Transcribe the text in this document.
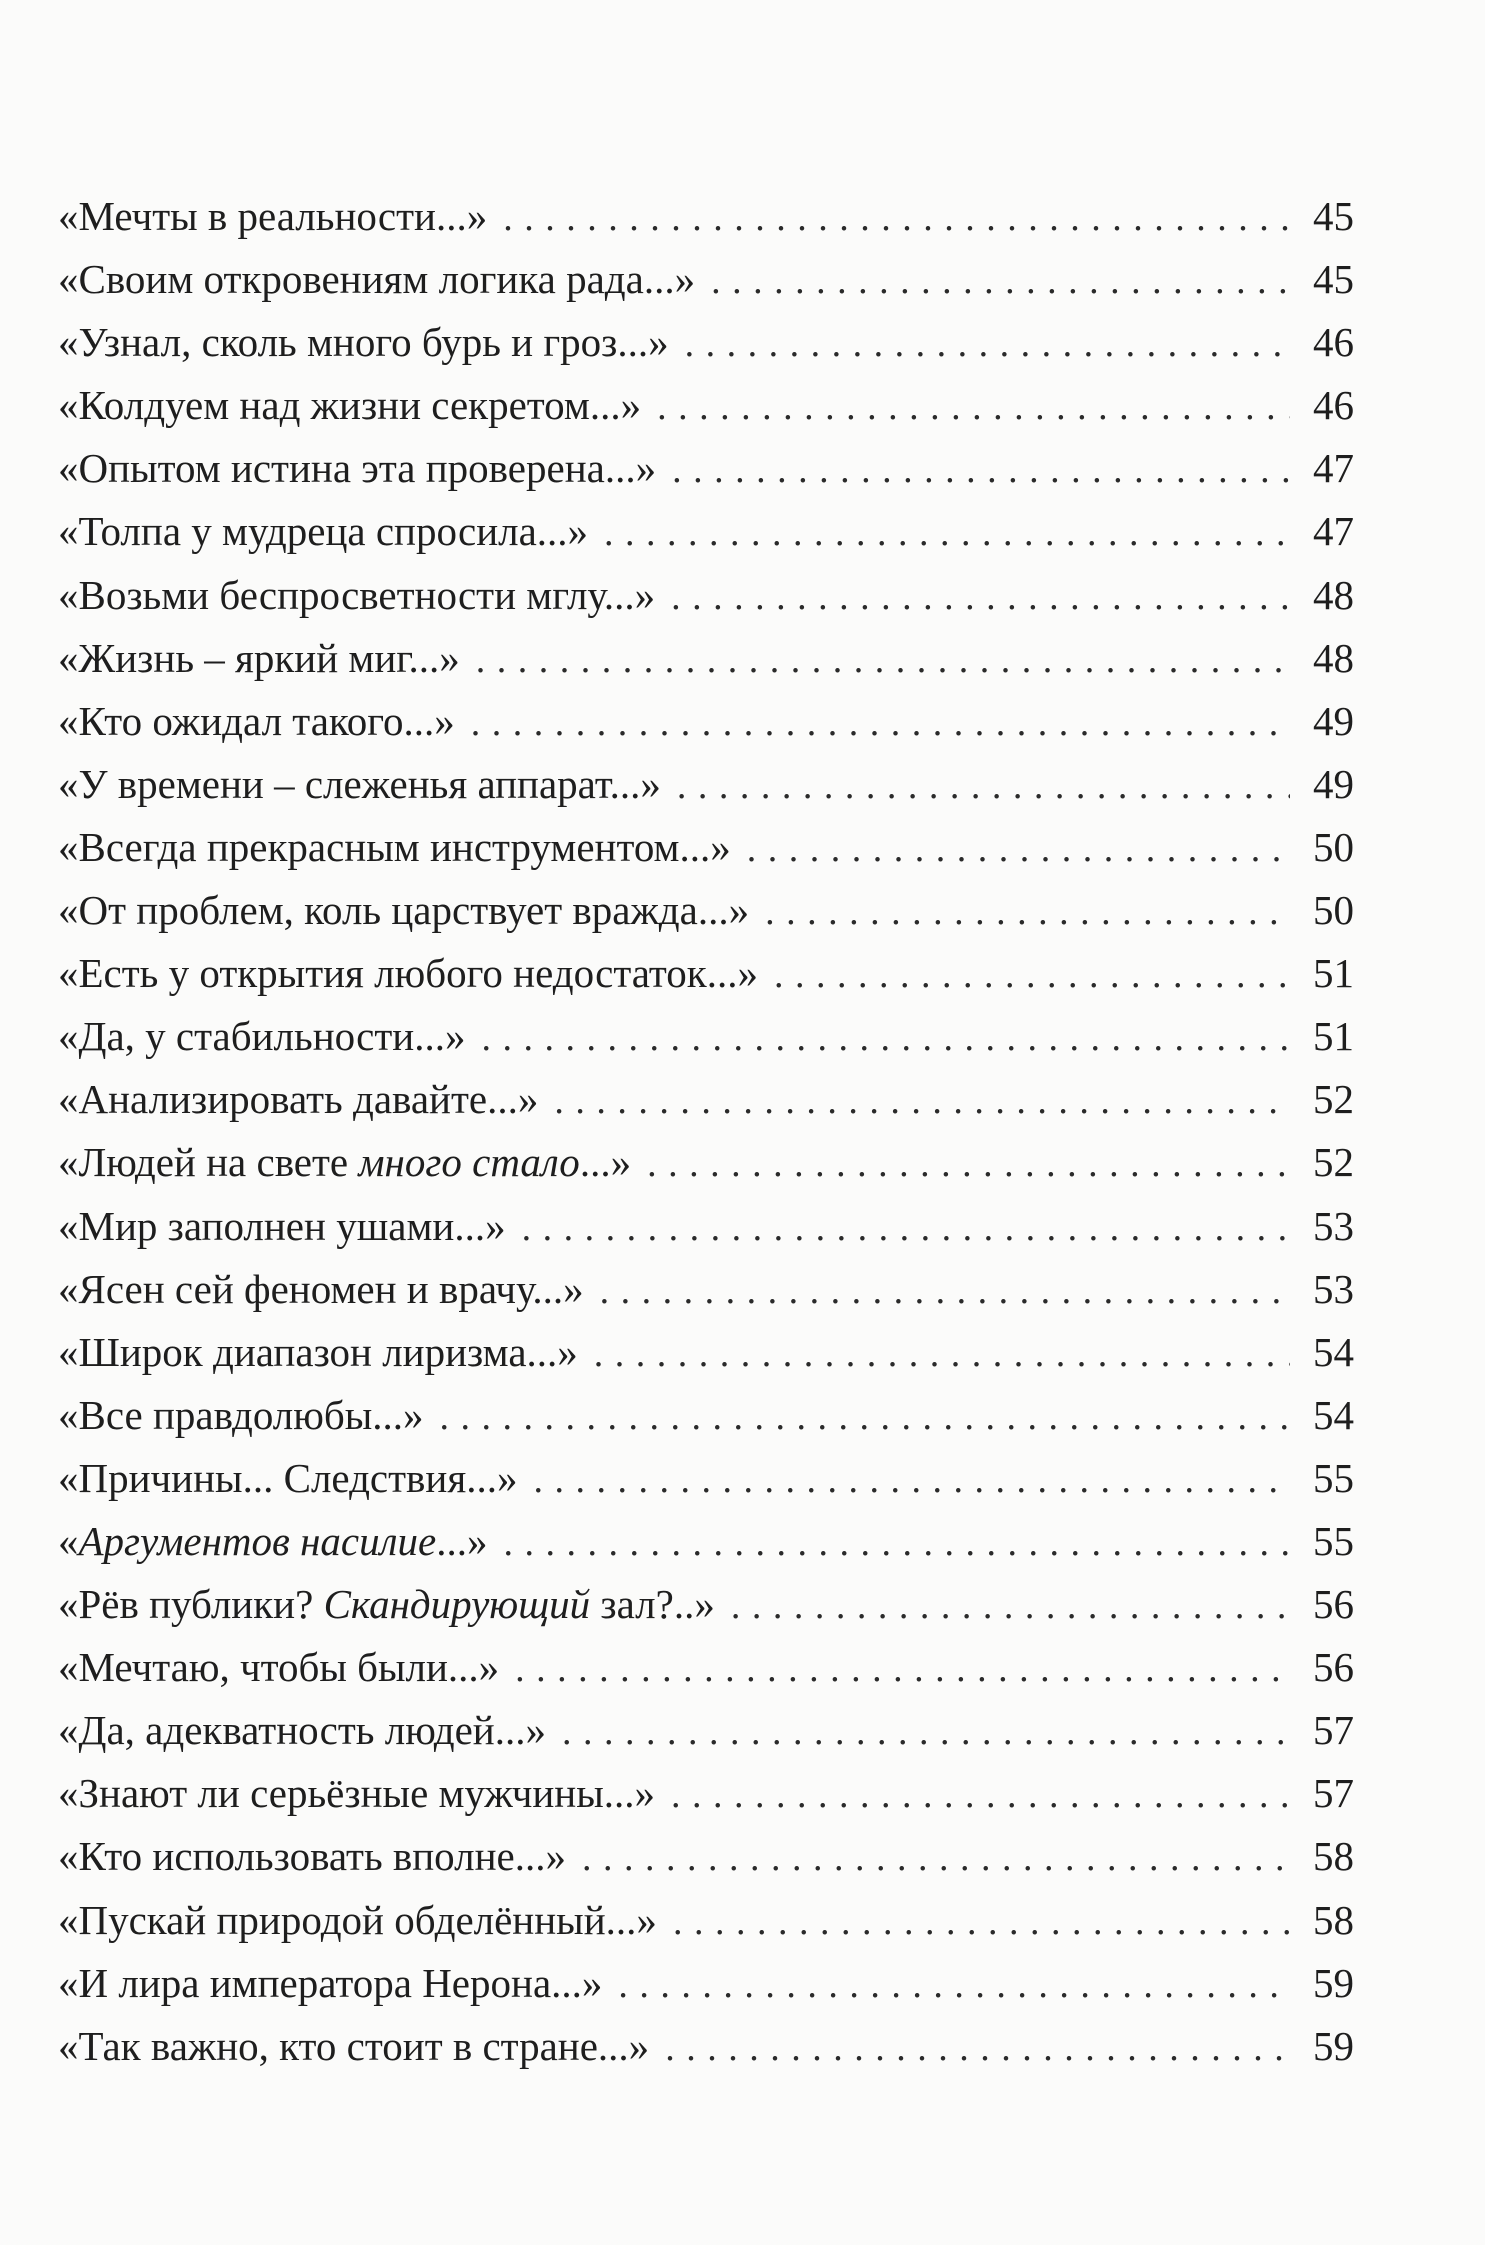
«Мечты в реальности...» . . .	45
«Своим откровениям логика рада...» . . .	45
«Узнал, сколь много бурь и гроз...» . . .	46
«Колдуем над жизни секретом...» . . .	46
«Опытом истина эта проверена...» . . .	47
«Толпа у мудреца спросила...» . . .	47
«Возьми беспросветности мглу...» . . .	48
«Жизнь – яркий миг...» . . .	48
«Кто ожидал такого...» . . .	49
«У времени – слеженья аппарат...» . . .	49
«Всегда прекрасным инструментом...» . . .	50
«От проблем, коль царствует вражда...» . . .	50
«Есть у открытия любого недостаток...» . . .	51
«Да, у стабильности...» . . .	51
«Анализировать давайте...» . . .	52
«Людей на свете много стало...» . . .	52
«Мир заполнен ушами...» . . .	53
«Ясен сей феномен и врачу...» . . .	53
«Широк диапазон лиризма...» . . .	54
«Все правдолюбы...» . . .	54
«Причины... Следствия...» . . .	55
«Аргументов насилие...» . . .	55
«Рёв публики? Скандирующий зал?..» . . .	56
«Мечтаю, чтобы были...» . . .	56
«Да, адекватность людей...» . . .	57
«Знают ли серьёзные мужчины...» . . .	57
«Кто использовать вполне...» . . .	58
«Пускай природой обделённый...» . . .	58
«И лира императора Нерона...» . . .	59
«Так важно, кто стоит в стране...» . . .	59
